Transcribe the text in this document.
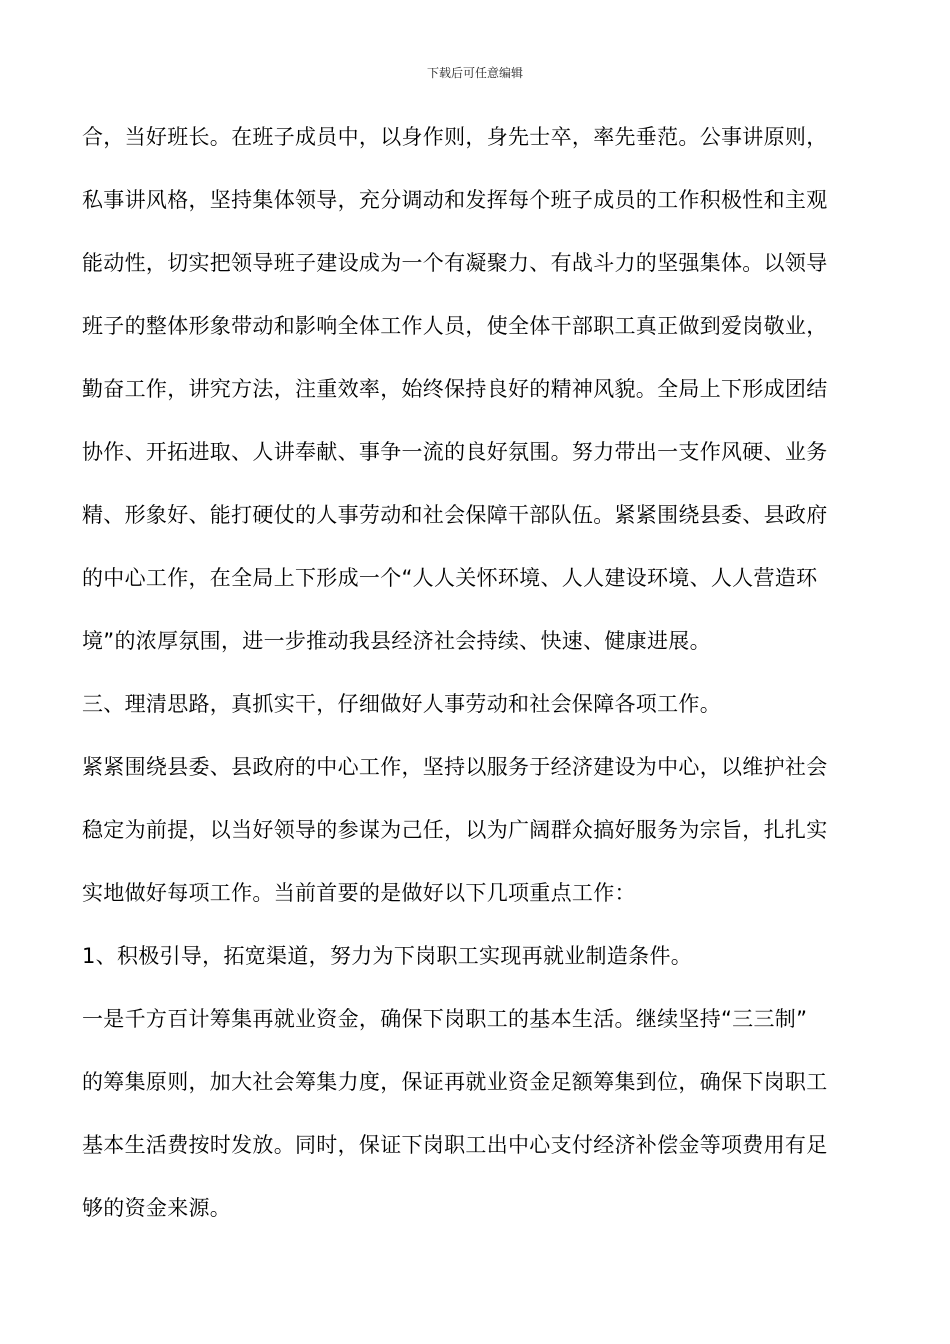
下载后可任意编辑
合，当好班长。在班子成员中，以身作则，身先士卒，率先垂范。公事讲原则，
私事讲风格，坚持集体领导，充分调动和发挥每个班子成员的工作积极性和主观
能动性，切实把领导班子建设成为一个有凝聚力、有战斗力的坚强集体。以领导
班子的整体形象带动和影响全体工作人员，使全体干部职工真正做到爱岗敬业，
勤奋工作，讲究方法，注重效率，始终保持良好的精神风貌。全局上下形成团结
协作、开拓进取、人讲奉献、事争一流的良好氛围。努力带出一支作风硬、业务
精、形象好、能打硬仗的人事劳动和社会保障干部队伍。紧紧围绕县委、县政府
的中心工作，在全局上下形成一个“人人关怀环境、人人建设环境、人人营造环
境”的浓厚氛围，进一步推动我县经济社会持续、快速、健康进展。
三、理清思路，真抓实干，仔细做好人事劳动和社会保障各项工作。
紧紧围绕县委、县政府的中心工作，坚持以服务于经济建设为中心，以维护社会
稳定为前提，以当好领导的参谋为己任，以为广阔群众搞好服务为宗旨，扎扎实
实地做好每项工作。当前首要的是做好以下几项重点工作：
1、积极引导，拓宽渠道，努力为下岗职工实现再就业制造条件。
一是千方百计筹集再就业资金，确保下岗职工的基本生活。继续坚持“三三制”
的筹集原则，加大社会筹集力度，保证再就业资金足额筹集到位，确保下岗职工
基本生活费按时发放。同时，保证下岗职工出中心支付经济补偿金等项费用有足
够的资金来源。
